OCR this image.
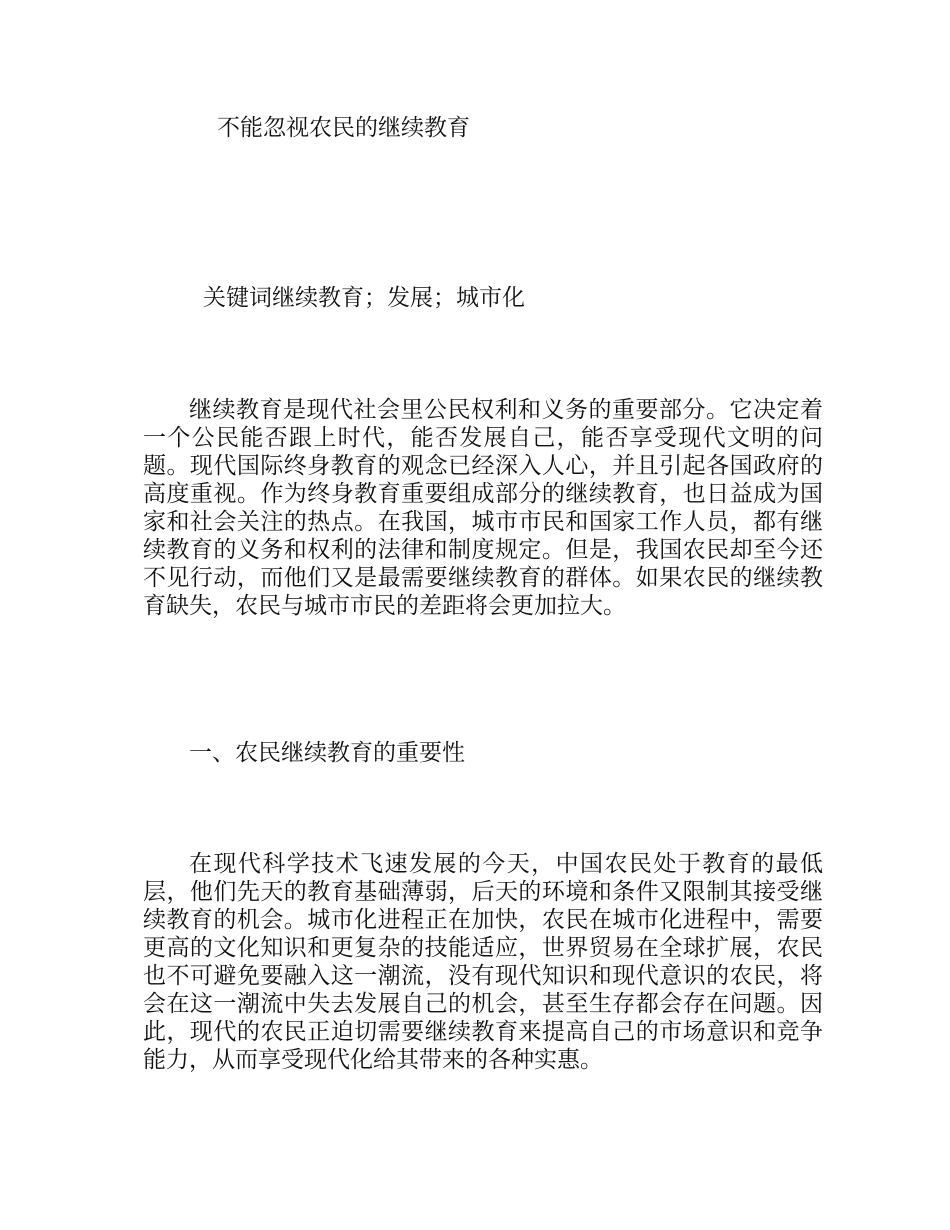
不能忽视农民的继续教育
关键词继续教育；发展；城市化

继续教育是现代社会里公民权利和义务的重要部分。它决定着一个公民能否跟上时代，能否发展自己，能否享受现代文明的问题。现代国际终身教育的观念已经深入人心，并且引起各国政府的高度重视。作为终身教育重要组成部分的继续教育，也日益成为国家和社会关注的热点。在我国，城市市民和国家工作人员，都有继续教育的义务和权利的法律和制度规定。但是，我国农民却至今还不见行动，而他们又是最需要继续教育的群体。如果农民的继续教育缺失，农民与城市市民的差距将会更加拉大。

一、农民继续教育的重要性

在现代科学技术飞速发展的今天，中国农民处于教育的最低层，他们先天的教育基础薄弱，后天的环境和条件又限制其接受继续教育的机会。城市化进程正在加快，农民在城市化进程中，需要更高的文化知识和更复杂的技能适应，世界贸易在全球扩展，农民也不可避免要融入这一潮流，没有现代知识和现代意识的农民，将会在这一潮流中失去发展自己的机会，甚至生存都会存在问题。因此，现代的农民正迫切需要继续教育来提高自己的市场意识和竞争能力，从而享受现代化给其带来的各种实惠。
